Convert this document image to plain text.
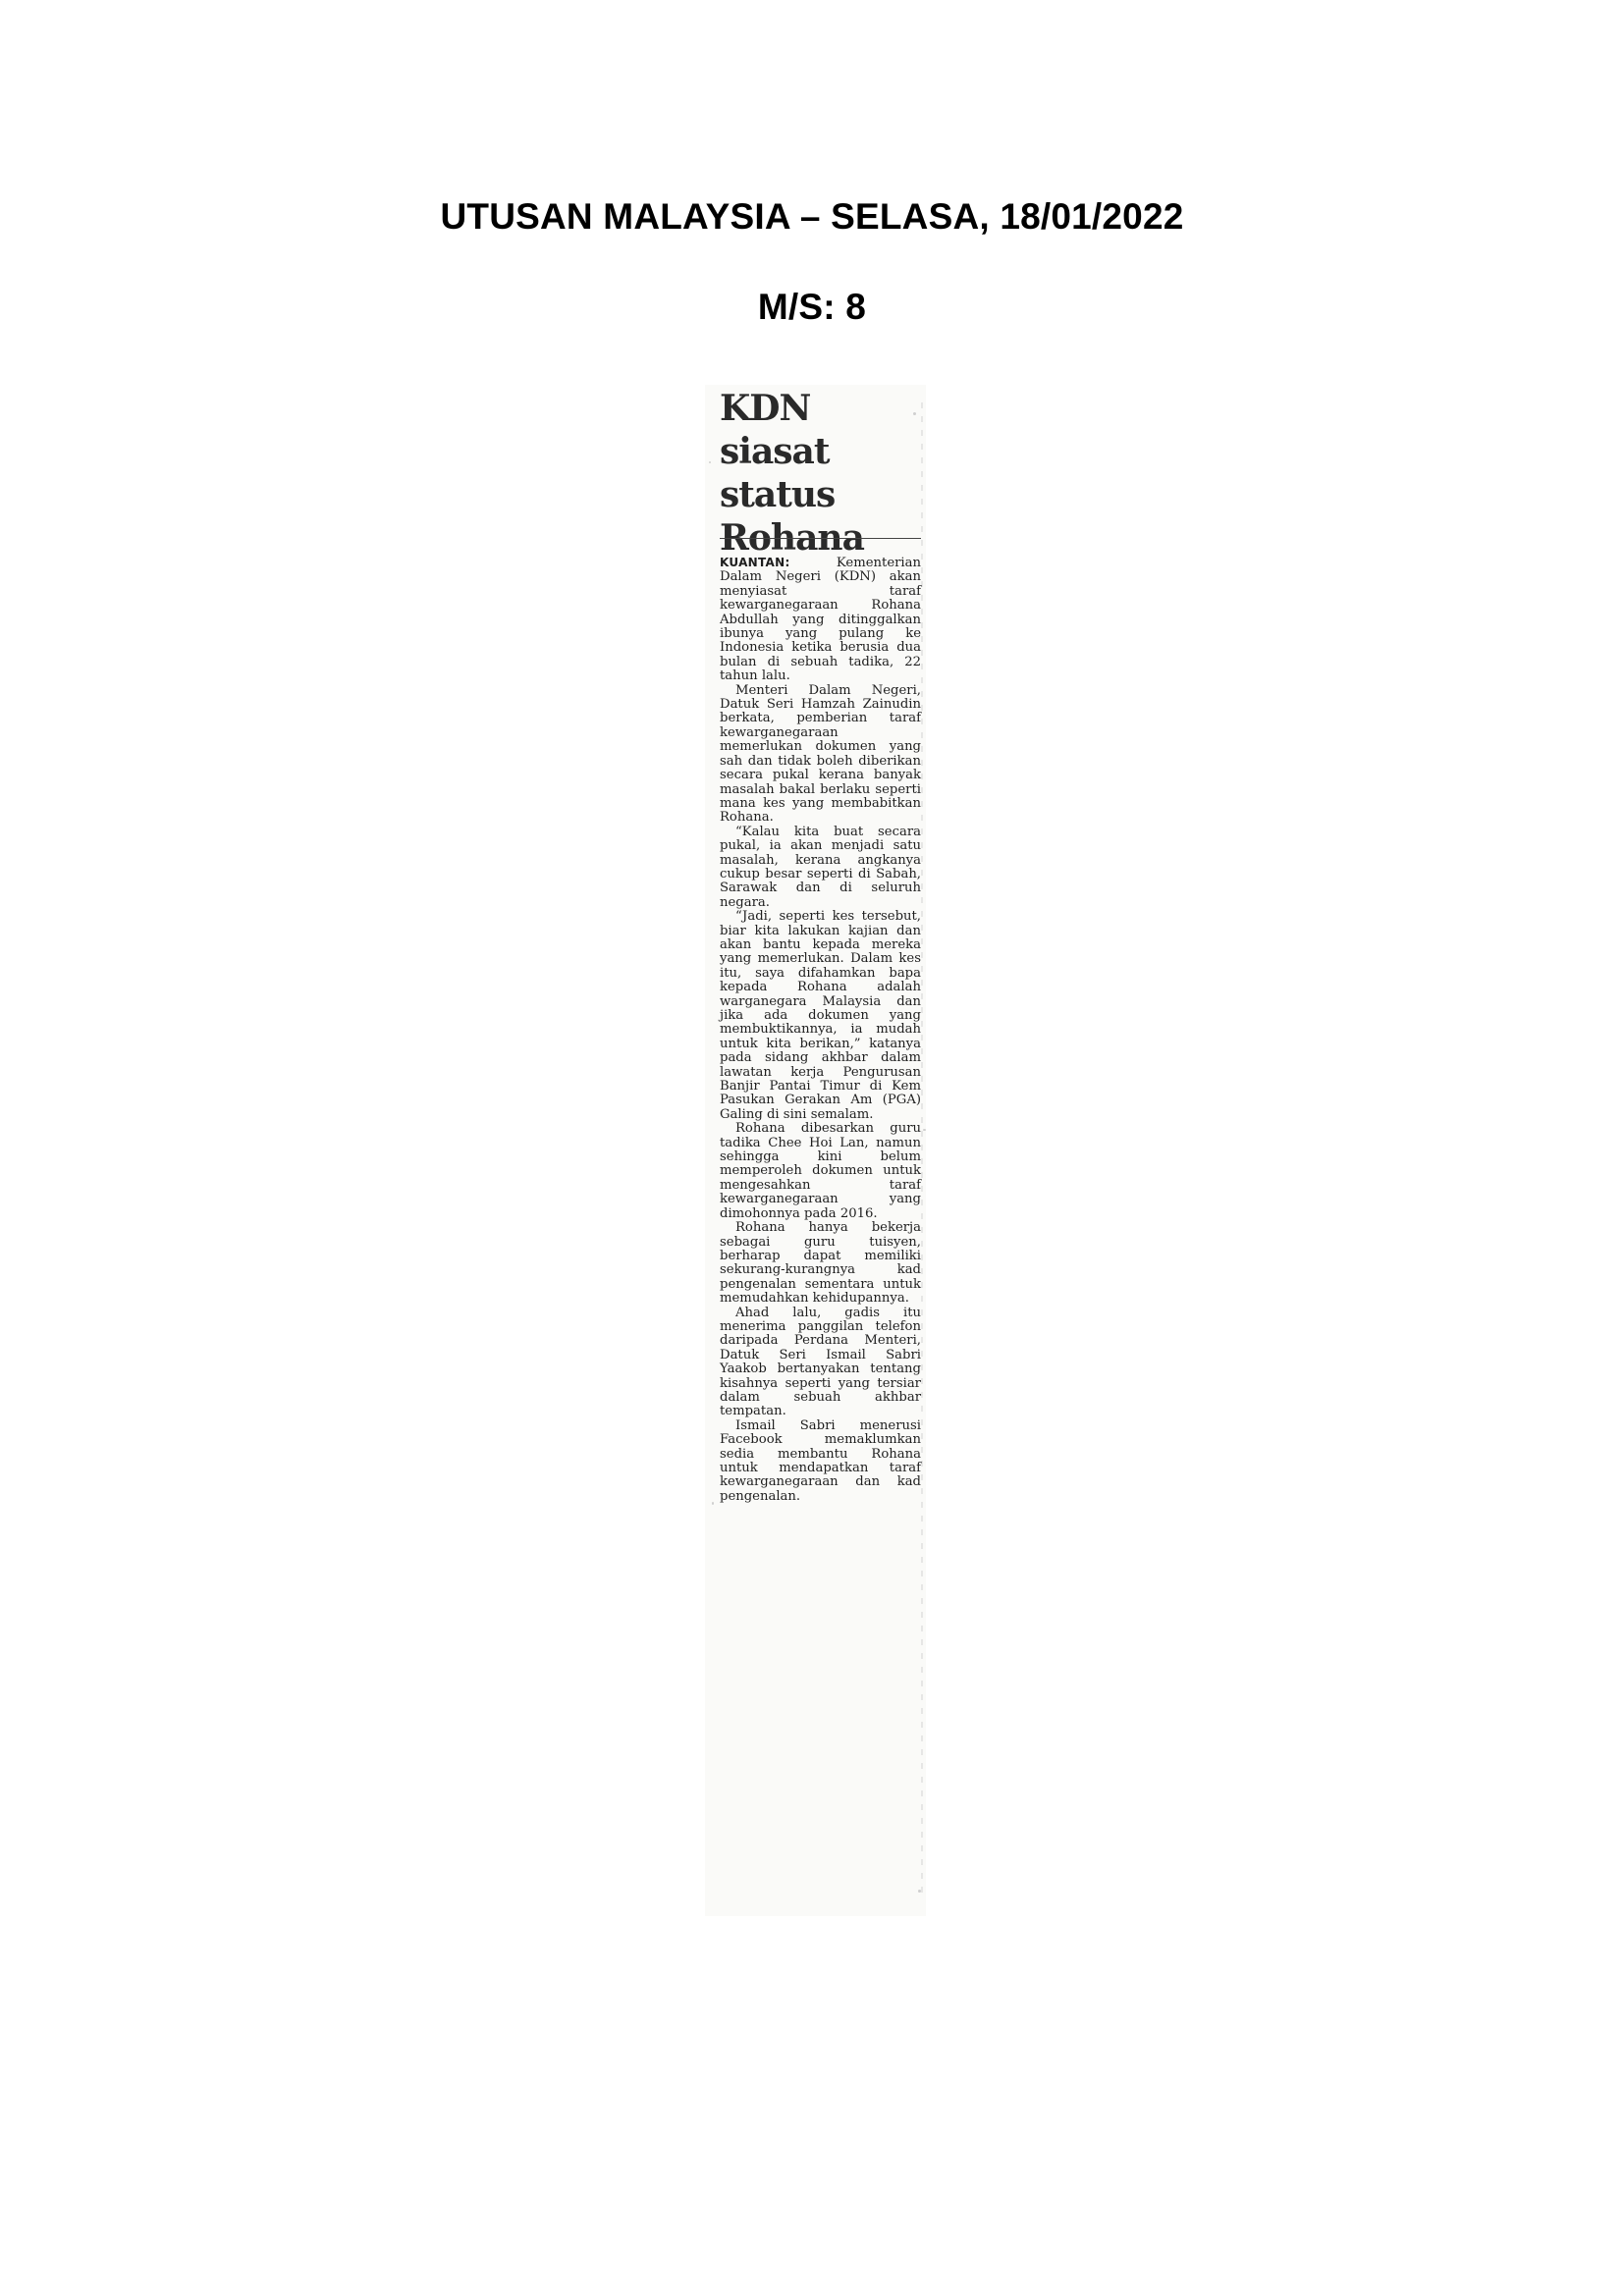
UTUSAN MALAYSIA – SELASA, 18/01/2022
M/S: 8
KDN siasat
status
Rohana

KUANTAN: Kementerian Dalam Negeri (KDN) akan menyiasat taraf kewarganegaraan Rohana Abdullah yang ditinggalkan ibunya yang pulang ke Indonesia ketika berusia dua bulan di sebuah tadika, 22 tahun lalu.

Menteri Dalam Negeri, Datuk Seri Hamzah Zainudin berkata, pemberian taraf kewarganegaraan memerlukan dokumen yang sah dan tidak boleh diberikan secara pukal kerana banyak masalah bakal berlaku seperti mana kes yang membabitkan Rohana.

“Kalau kita buat secara pukal, ia akan menjadi satu masalah, kerana angkanya cukup besar seperti di Sabah, Sarawak dan di seluruh negara.

“Jadi, seperti kes tersebut, biar kita lakukan kajian dan akan bantu kepada mereka yang memerlukan. Dalam kes itu, saya difahamkan bapa kepada Rohana adalah warganegara Malaysia dan jika ada dokumen yang membuktikannya, ia mudah untuk kita berikan,” katanya pada sidang akhbar dalam lawatan kerja Pengurusan Banjir Pantai Timur di Kem Pasukan Gerakan Am (PGA) Galing di sini semalam.

Rohana dibesarkan guru tadika Chee Hoi Lan, namun sehingga kini belum memperoleh dokumen untuk mengesahkan taraf kewarganegaraan yang dimohonnya pada 2016.

Rohana hanya bekerja sebagai guru tuisyen, berharap dapat memiliki sekurang-kurangnya kad pengenalan sementara untuk memudahkan kehidupannya.

Ahad lalu, gadis itu menerima panggilan telefon daripada Perdana Menteri, Datuk Seri Ismail Sabri Yaakob bertanyakan tentang kisahnya seperti yang tersiar dalam sebuah akhbar tempatan.

Ismail Sabri menerusi Facebook memaklumkan sedia membantu Rohana untuk mendapatkan taraf kewarganegaraan dan kad pengenalan.
